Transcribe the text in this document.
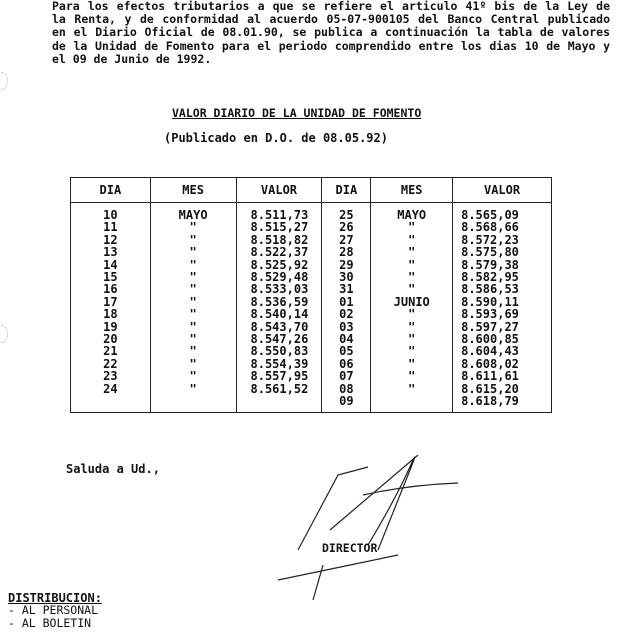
Para los efectos tributarios a que se refiere el articulo 41º bis de la Ley de la Renta, y de conformidad al acuerdo 05-07-900105 del Banco Central publicado en el Diario Oficial de 08.01.90, se publica a continuación la tabla de valores de la Unidad de Fomento para el periodo comprendido entre los dias 10 de Mayo y el 09 de Junio de 1992.
VALOR DIARIO DE LA UNIDAD DE FOMENTO
(Publicado en D.O. de 08.05.92)
DIA	MES	VALOR	DIA	MES	VALOR
10	MAYO	8.511,73	25	MAYO	8.565,09
11	"	8.515,27	26	"	8.568,66
12	"	8.518,82	27	"	8.572,23
13	"	8.522,37	28	"	8.575,80
14	"	8.525,92	29	"	8.579,38
15	"	8.529,48	30	"	8.582,95
16	"	8.533,03	31	"	8.586,53
17	"	8.536,59	01	JUNIO	8.590,11
18	"	8.540,14	02	"	8.593,69
19	"	8.543,70	03	"	8.597,27
20	"	8.547,26	04	"	8.600,85
21	"	8.550,83	05	"	8.604,43
22	"	8.554,39	06	"	8.608,02
23	"	8.557,95	07	"	8.611,61
24	"	8.561,52	08	"	8.615,20
			09		8.618,79
Saluda a Ud.,
DIRECTOR
DISTRIBUCION:
- AL PERSONAL
- AL BOLETIN
